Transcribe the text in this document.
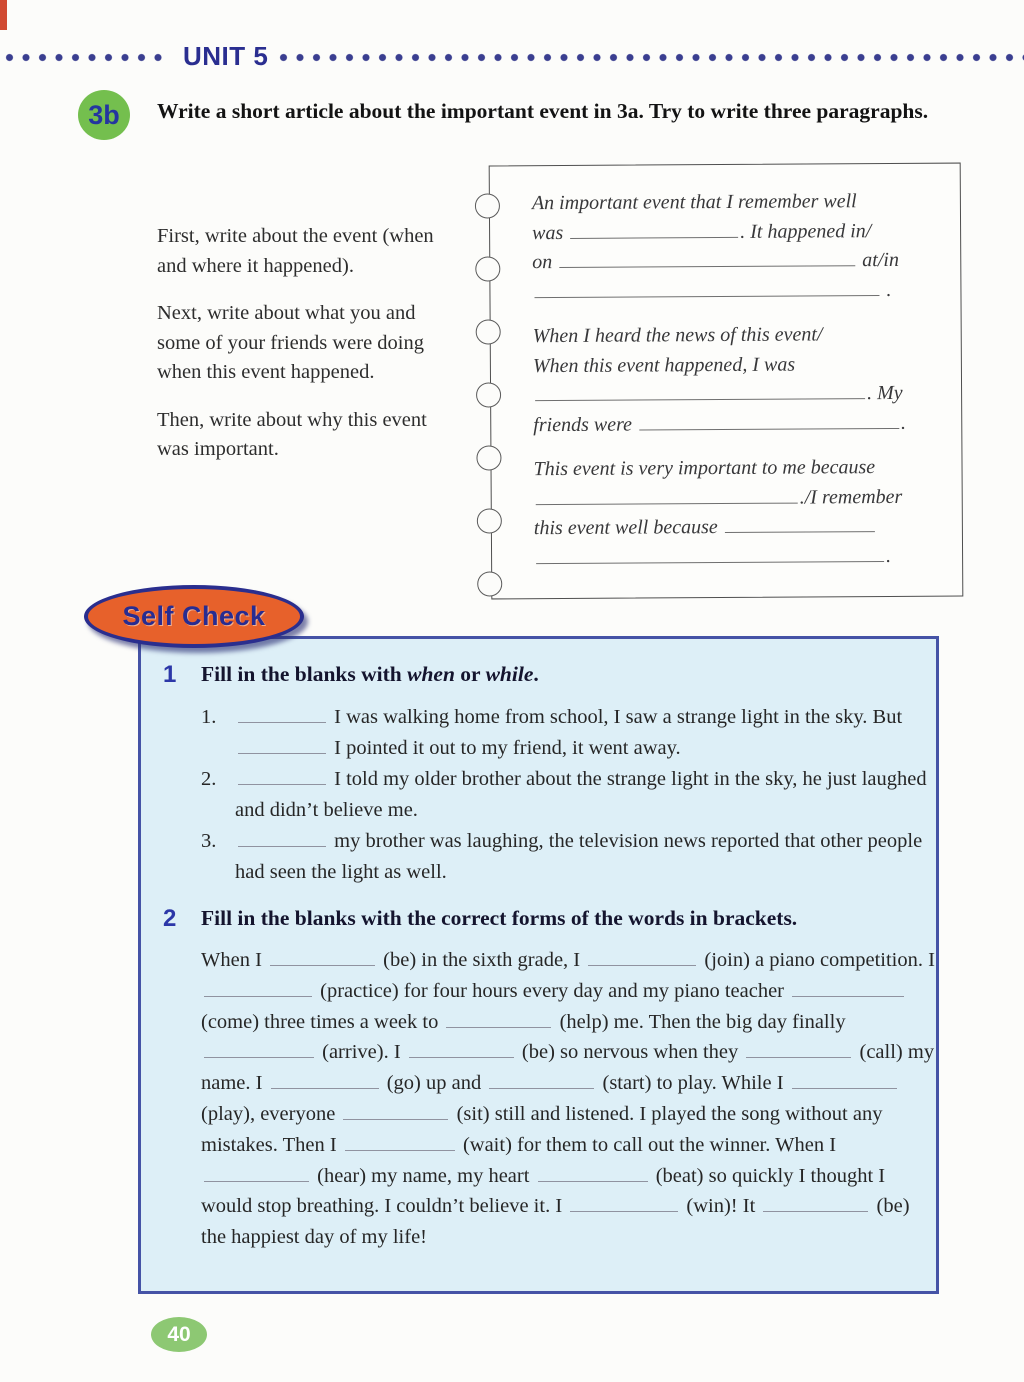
UNIT 5
3b	Write a short article about the important event in 3a. Try to write three paragraphs.

First, write about the event (when and where it happened).

Next, write about what you and some of your friends were doing when this event happened.

Then, write about why this event was important.

An important event that I remember well
was	. It happened in/
on	at/in
.
When I heard the news of this event/
When this event happened, I was
. My
friends were	.
This event is very important to me because
./I remember
this event well because
.
Self Check
1 Fill in the blanks with when or while.
1.	I was walking home from school, I saw a strange light in the sky. But  I pointed it out to my friend, it went away.
2.	I told my older brother about the strange light in the sky, he just laughed and didn’t believe me.
3.	my brother was laughing, the television news reported that other people had seen the light as well.
2 Fill in the blanks with the correct forms of the words in brackets.
When I	(be) in the sixth grade, I	(join) a piano competition. I  (practice) for four hours every day and my piano teacher  (come) three times a week to	(help) me. Then the big day finally  (arrive). I	(be) so nervous when they	(call) my name. I	(go) up and	(start) to play. While I  (play), everyone	(sit) still and listened. I played the song without any mistakes. Then I	(wait) for them to call out the winner. When I  (hear) my name, my heart	(beat) so quickly I thought I would stop breathing. I couldn’t believe it. I	(win)! It	(be) the happiest day of my life!
40
